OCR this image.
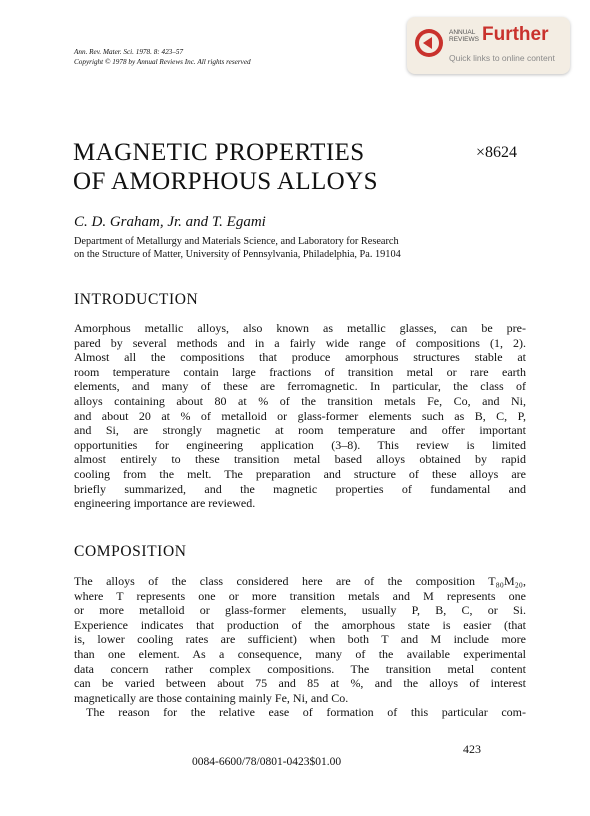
Ann. Rev. Mater. Sci. 1978. 8: 423–57
Copyright © 1978 by Annual Reviews Inc. All rights reserved
ANNUAL
REVIEWS Further
Quick links to online content
MAGNETIC PROPERTIES
OF AMORPHOUS ALLOYS
×8624
C. D. Graham, Jr. and T. Egami
Department of Metallurgy and Materials Science, and Laboratory for Research
on the Structure of Matter, University of Pennsylvania, Philadelphia, Pa. 19104
INTRODUCTION
Amorphous metallic alloys, also known as metallic glasses, can be pre-
pared by several methods and in a fairly wide range of compositions (1, 2).
Almost all the compositions that produce amorphous structures stable at
room temperature contain large fractions of transition metal or rare earth
elements, and many of these are ferromagnetic. In particular, the class of
alloys containing about 80 at % of the transition metals Fe, Co, and Ni,
and about 20 at % of metalloid or glass-former elements such as B, C, P,
and Si, are strongly magnetic at room temperature and offer important
opportunities for engineering application (3–8). This review is limited
almost entirely to these transition metal based alloys obtained by rapid
cooling from the melt. The preparation and structure of these alloys are
briefly summarized, and the magnetic properties of fundamental and
engineering importance are reviewed.
COMPOSITION
The alloys of the class considered here are of the composition T₈₀M₂₀,
where T represents one or more transition metals and M represents one
or more metalloid or glass-former elements, usually P, B, C, or Si.
Experience indicates that production of the amorphous state is easier (that
is, lower cooling rates are sufficient) when both T and M include more
than one element. As a consequence, many of the available experimental
data concern rather complex compositions. The transition metal content
can be varied between about 75 and 85 at %, and the alloys of interest
magnetically are those containing mainly Fe, Ni, and Co.
The reason for the relative ease of formation of this particular com-
423
0084-6600/78/0801-0423$01.00
